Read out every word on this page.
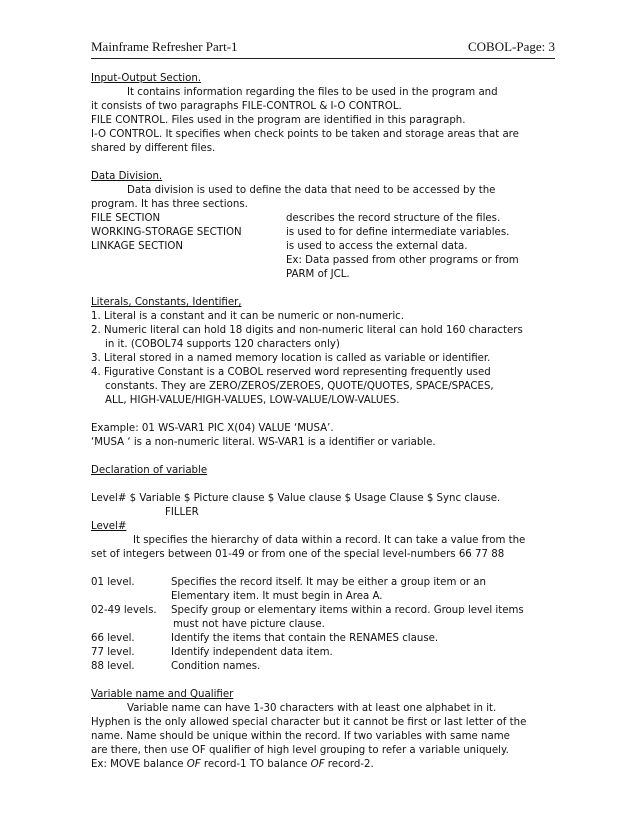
Mainframe Refresher Part-1	COBOL-Page: 3
Input-Output Section.
It contains information regarding the files to be used in the program and
it consists of two paragraphs FILE-CONTROL & I-O CONTROL.
FILE CONTROL. Files used in the program are identified in this paragraph.
I-O CONTROL. It specifies when check points to be taken and storage areas that are
shared by different files.
Data Division.
Data division is used to define the data that need to be accessed by the
program. It has three sections.
FILE SECTION	describes the record structure of the files.
WORKING-STORAGE SECTION	is used to for define intermediate variables.
LINKAGE SECTION	is used to access the external data.
Ex: Data passed from other programs or from
PARM of JCL.
Literals, Constants, Identifier,
1. Literal is a constant and it can be numeric or non-numeric.
2. Numeric literal can hold 18 digits and non-numeric literal can hold 160 characters
in it. (COBOL74 supports 120 characters only)
3. Literal stored in a named memory location is called as variable or identifier.
4. Figurative Constant is a COBOL reserved word representing frequently used
constants. They are ZERO/ZEROS/ZEROES, QUOTE/QUOTES, SPACE/SPACES,
ALL, HIGH-VALUE/HIGH-VALUES, LOW-VALUE/LOW-VALUES.
Example: 01 WS-VAR1 PIC X(04) VALUE ‘MUSA’.
‘MUSA ‘ is a non-numeric literal. WS-VAR1 is a identifier or variable.
Declaration of variable
Level# $ Variable $ Picture clause $ Value clause $ Usage Clause $ Sync clause.
FILLER
Level#
It specifies the hierarchy of data within a record. It can take a value from the
set of integers between 01-49 or from one of the special level-numbers 66 77 88
01 level.	Specifies the record itself. It may be either a group item or an
Elementary item. It must begin in Area A.
02-49 levels. Specify group or elementary items within a record. Group level items
must not have picture clause.
66 level.	Identify the items that contain the RENAMES clause.
77 level.	Identify independent data item.
88 level.	Condition names.
Variable name and Qualifier
Variable name can have 1-30 characters with at least one alphabet in it.
Hyphen is the only allowed special character but it cannot be first or last letter of the
name. Name should be unique within the record. If two variables with same name
are there, then use OF qualifier of high level grouping to refer a variable uniquely.
Ex: MOVE balance OF record-1 TO balance OF record-2.
